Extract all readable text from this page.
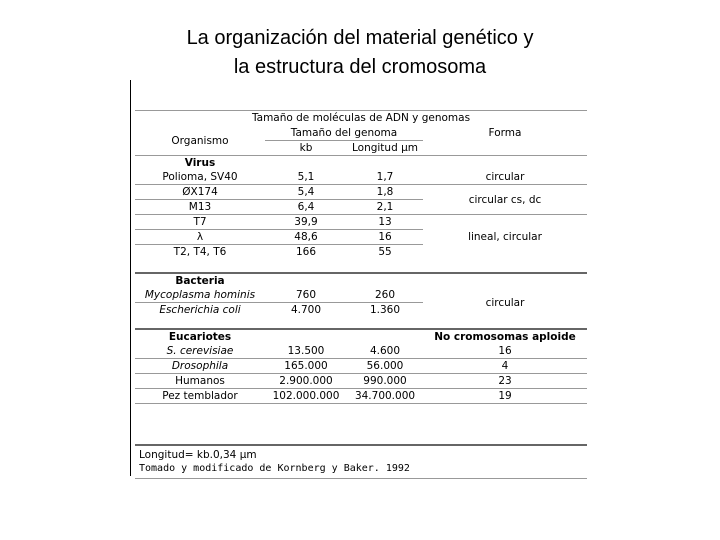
La organización del material genético y
la estructura del cromosoma
Tamaño de moléculas de ADN y genomas
Organismo	Tamaño del genoma		Forma
	kb	Longitud µm	
Virus			
Polioma, SV40	5,1	1,7	circular
ØX174	5,4	1,8	circular cs, dc
M13	6,4	2,1	
T7	39,9	13	lineal, circular
λ	48,6	16	
T2, T4, T6	166	55	

Bacteria			
Mycoplasma hominis	760	260	circular
Escherichia coli	4.700	1.360	

Eucariotes			No cromosomas aploide
S. cerevisiae	13.500	4.600	16
Drosophila	165.000	56.000	4
Humanos	2.900.000	990.000	23
Pez temblador	102.000.000	34.700.000	19
Longitud= kb.0,34 µm
Tomado y modificado de Kornberg y Baker. 1992
